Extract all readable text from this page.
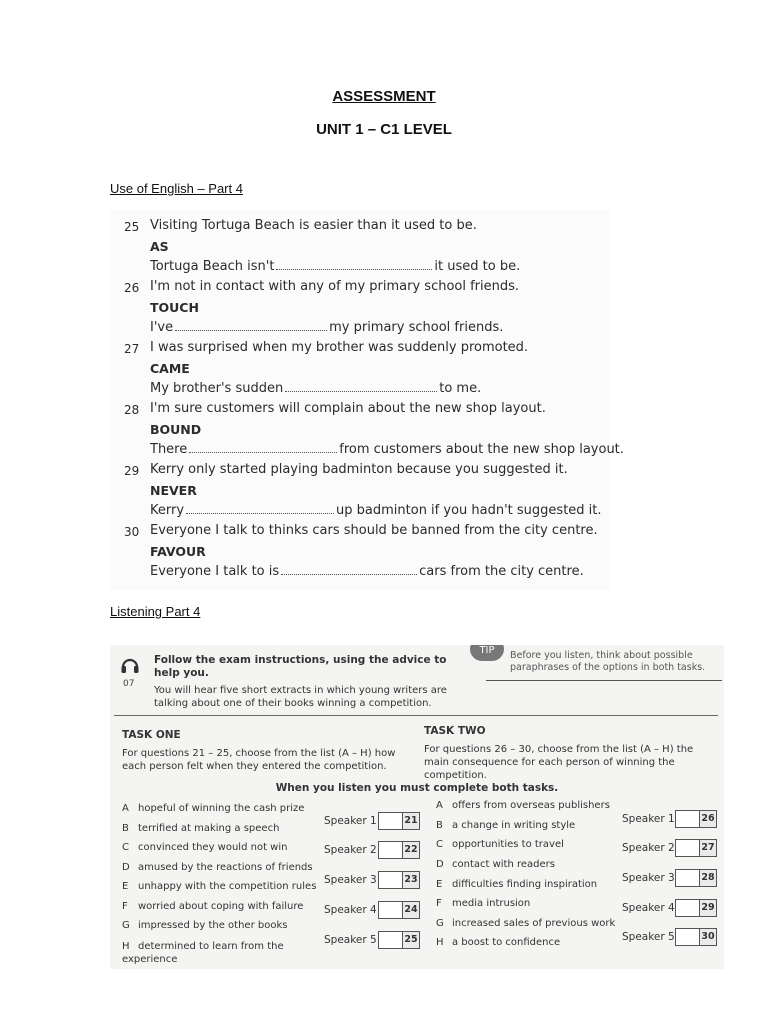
ASSESSMENT
UNIT 1 – C1 LEVEL

Use of English – Part 4

25 Visiting Tortuga Beach is easier than it used to be.
AS
Tortuga Beach isn't	it used to be.
26 I'm not in contact with any of my primary school friends.
TOUCH
I've	my primary school friends.
27 I was surprised when my brother was suddenly promoted.
CAME
My brother's sudden	to me.
28 I'm sure customers will complain about the new shop layout.
BOUND
There	from customers about the new shop layout.
29 Kerry only started playing badminton because you suggested it.
NEVER
Kerry	up badminton if you hadn't suggested it.
30 Everyone I talk to thinks cars should be banned from the city centre.
FAVOUR
Everyone I talk to is	cars from the city centre.

Listening Part 4

07
Follow the exam instructions, using the advice to help you.
You will hear five short extracts in which young writers are talking about one of their books winning a competition.
TIP	Before you listen, think about possible paraphrases of the options in both tasks.
TASK ONE
For questions 21 – 25, choose from the list (A – H) how each person felt when they entered the competition.
TASK TWO
For questions 26 – 30, choose from the list (A – H) the main consequence for each person of winning the competition.
When you listen you must complete both tasks.
A hopeful of winning the cash prize
B terrified at making a speech
C convinced they would not win
D amused by the reactions of friends
E unhappy with the competition rules
F worried about coping with failure
G impressed by the other books
H determined to learn from the experience
Speaker 1	21
Speaker 2	22
Speaker 3	23
Speaker 4	24
Speaker 5	25
A offers from overseas publishers
B a change in writing style
C opportunities to travel
D contact with readers
E difficulties finding inspiration
F media intrusion
G increased sales of previous work
H a boost to confidence
Speaker 1	26
Speaker 2	27
Speaker 3	28
Speaker 4	29
Speaker 5	30
